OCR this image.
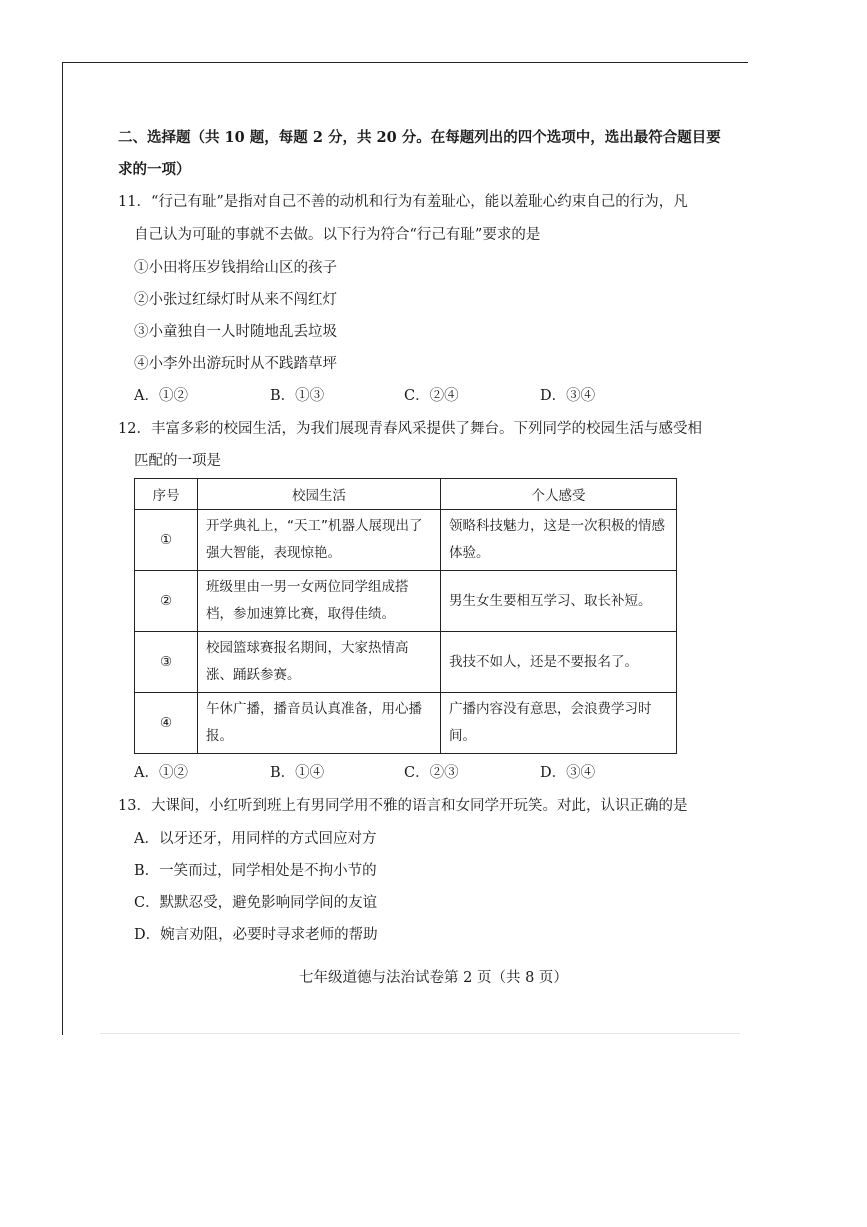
二、选择题（共 10 题，每题 2 分，共 20 分。在每题列出的四个选项中，选出最符合题目要
求的一项）
11．“行己有耻”是指对自己不善的动机和行为有羞耻心，能以羞耻心约束自己的行为，凡
自己认为可耻的事就不去做。以下行为符合“行己有耻”要求的是
①小田将压岁钱捐给山区的孩子
②小张过红绿灯时从来不闯红灯
③小童独自一人时随地乱丢垃圾
④小李外出游玩时从不践踏草坪
A．①②	B．①③	C．②④	D．③④
12．丰富多彩的校园生活，为我们展现青春风采提供了舞台。下列同学的校园生活与感受相
匹配的一项是
序号	校园生活	个人感受
①	开学典礼上，“天工”机器人展现出了强大智能，表现惊艳。	领略科技魅力，这是一次积极的情感体验。
②	班级里由一男一女两位同学组成搭档，参加速算比赛，取得佳绩。	男生女生要相互学习、取长补短。
③	校园篮球赛报名期间，大家热情高涨、踊跃参赛。	我技不如人，还是不要报名了。
④	午休广播，播音员认真准备，用心播报。	广播内容没有意思，会浪费学习时间。
A．①②	B．①④	C．②③	D．③④
13．大课间，小红听到班上有男同学用不雅的语言和女同学开玩笑。对此，认识正确的是
A．以牙还牙，用同样的方式回应对方
B．一笑而过，同学相处是不拘小节的
C．默默忍受，避免影响同学间的友谊
D．婉言劝阻，必要时寻求老师的帮助
七年级道德与法治试卷第 2 页（共 8 页）
